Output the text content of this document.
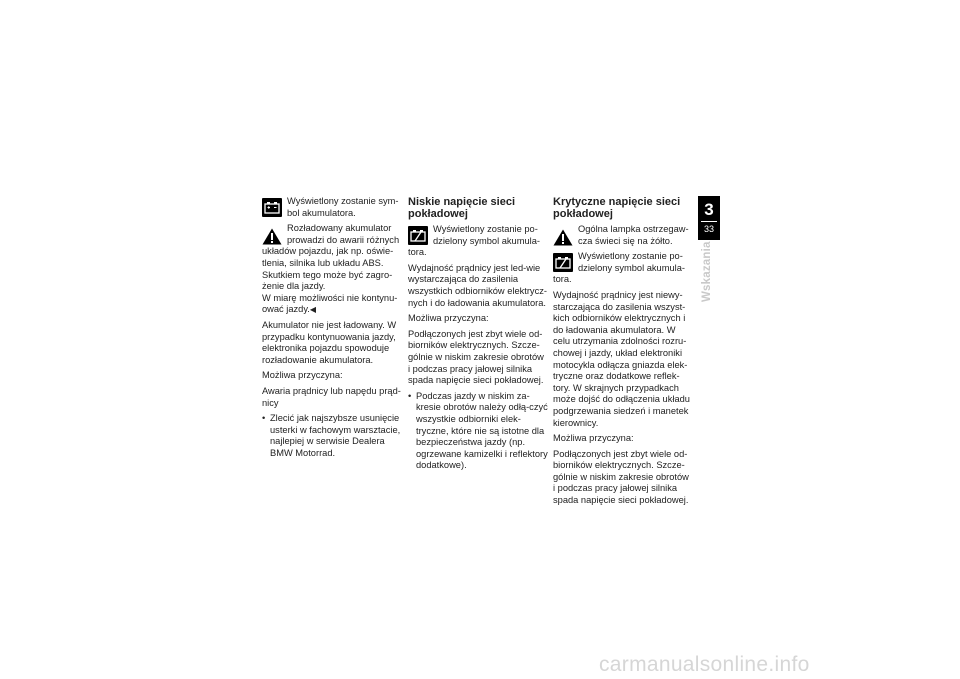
Wyświetlony zostanie sym-bol akumulatora.

Rozładowany akumulator prowadzi do awarii różnych układów pojazdu, jak np. oświe-tlenia, silnika lub układu ABS. Skutkiem tego może być zagro-żenie dla jazdy.
W miarę możliwości nie kontynu-ować jazdy.◀

Akumulator nie jest ładowany. W przypadku kontynuowania jazdy, elektronika pojazdu spowoduje rozładowanie akumulatora.

Możliwa przyczyna:

Awaria prądnicy lub napędu prąd-nicy

• Zlecić jak najszybsze usunięcie usterki w fachowym warsztacie, najlepiej w serwisie Dealera BMW Motorrad.
Niskie napięcie sieci pokładowej

Wyświetlony zostanie po-dzielony symbol akumula-tora.

Wydajność prądnicy jest led-wie wystarczająca do zasilenia wszystkich odbiorników elektrycz-nych i do ładowania akumulatora.

Możliwa przyczyna:

Podłączonych jest zbyt wiele od-biorników elektrycznych. Szcze-gólnie w niskim zakresie obrotów i podczas pracy jałowej silnika spada napięcie sieci pokładowej.

• Podczas jazdy w niskim za-kresie obrotów należy odłą-czyć wszystkie odbiorniki elek-tryczne, które nie są istotne dla bezpieczeństwa jazdy (np. ogrzewane kamizelki i reflektory dodatkowe).
Krytyczne napięcie sieci pokładowej

Ogólna lampka ostrzegaw-cza świeci się na żółto.

Wyświetlony zostanie po-dzielony symbol akumula-tora.

Wydajność prądnicy jest niewy-starczająca do zasilenia wszyst-kich odbiorników elektrycznych i do ładowania akumulatora. W celu utrzymania zdolności rozru-chowej i jazdy, układ elektroniki motocykla odłącza gniazda elek-tryczne oraz dodatkowe reflek-tory. W skrajnych przypadkach może dojść do odłączenia układu podgrzewania siedzeń i manetek kierownicy.

Możliwa przyczyna:

Podłączonych jest zbyt wiele od-biorników elektrycznych. Szcze-gólnie w niskim zakresie obrotów i podczas pracy jałowej silnika spada napięcie sieci pokładowej.

3
33
Wskazania
carmanualsonline.info
